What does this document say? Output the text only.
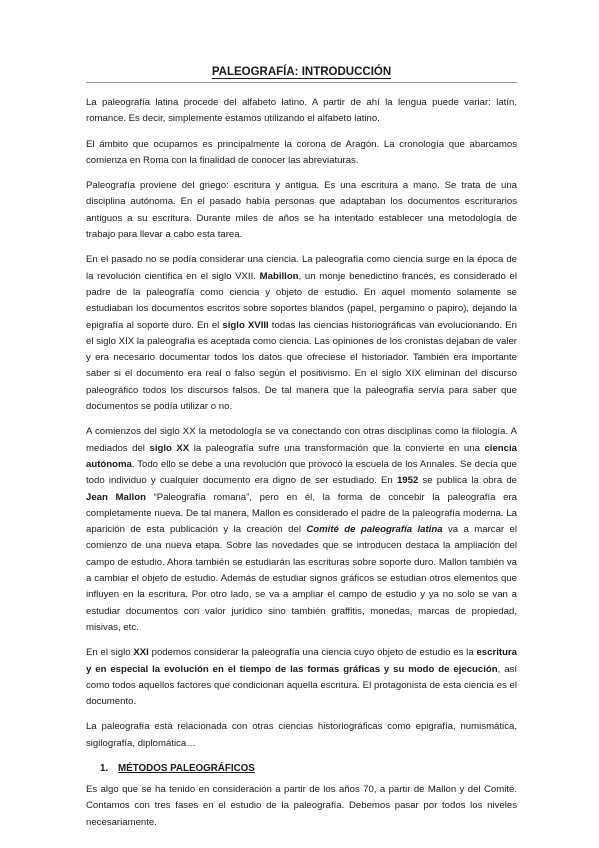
PALEOGRAFÍA: INTRODUCCIÓN

La paleografía latina procede del alfabeto latino. A partir de ahí la lengua puede variar: latín, romance. Es decir, simplemente estamos utilizando el alfabeto latino.

El ámbito que ocupamos es principalmente la corona de Aragón. La cronología que abarcamos comienza en Roma con la finalidad de conocer las abreviaturas.

Paleografía proviene del griego: escritura y antigua. Es una escritura a mano. Se trata de una disciplina autónoma. En el pasado había personas que adaptaban los documentos escriturarios antiguos a su escritura. Durante miles de años se ha intentado establecer una metodología de trabajo para llevar a cabo esta tarea.

En el pasado no se podía considerar una ciencia. La paleografía como ciencia surge en la época de la revolución científica en el siglo VXII. Mabillon, un monje benedictino francés, es considerado el padre de la paleografía como ciencia y objeto de estudio. En aquel momento solamente se estudiaban los documentos escritos sobre soportes blandos (papel, pergamino o papiro), dejando la epigrafía al soporte duro. En el siglo XVIII todas las ciencias historiográficas van evolucionando. En el siglo XIX la paleografía es aceptada como ciencia. Las opiniones de los cronistas dejaban de valer y era necesario documentar todos los datos que ofreciese el historiador. También era importante saber si el documento era real o falso según el positivismo. En el siglo XIX eliminan del discurso paleográfico todos los discursos falsos. De tal manera que la paleografía servía para saber que documentos se podía utilizar o no.

A comienzos del siglo XX la metodología se va conectando con otras disciplinas como la filología. A mediados del siglo XX la paleografía sufre una transformación que la convierte en una ciencia autónoma. Todo ello se debe a una revolución que provocó la escuela de los Annales. Se decía que todo individuo y cualquier documento era digno de ser estudiado. En 1952 se publica la obra de Jean Mallon “Paleografía romana”, pero en él, la forma de concebir la paleografía era completamente nueva. De tal manera, Mallon es considerado el padre de la paleografía moderna. La aparición de esta publicación y la creación del Comité de paleografía latina va a marcar el comienzo de una nueva etapa. Sobre las novedades que se introducen destaca la ampliación del campo de estudio. Ahora también se estudiarán las escrituras sobre soporte duro. Mallon también va a cambiar el objeto de estudio. Además de estudiar signos gráficos se estudian otros elementos que influyen en la escritura. Por otro lado, se va a ampliar el campo de estudio y ya no solo se van a estudiar documentos con valor jurídico sino también graffitis, monedas, marcas de propiedad, misivas, etc.

En el siglo XXI podemos considerar la paleografía una ciencia cuyo objeto de estudio es la escritura y en especial la evolución en el tiempo de las formas gráficas y su modo de ejecución, así como todos aquellos factores que condicionan aquella escritura. El protagonista de esta ciencia es el documento.

La paleografía está relacionada con otras ciencias historiográficas como epigrafía, numismática, sigilografía, diplomática…

1. MÉTODOS PALEOGRÁFICOS

Es algo que se ha tenido en consideración a partir de los años 70, a partir de Mallon y del Comité. Contamos con tres fases en el estudio de la paleografía. Debemos pasar por todos los niveles necesariamente.
